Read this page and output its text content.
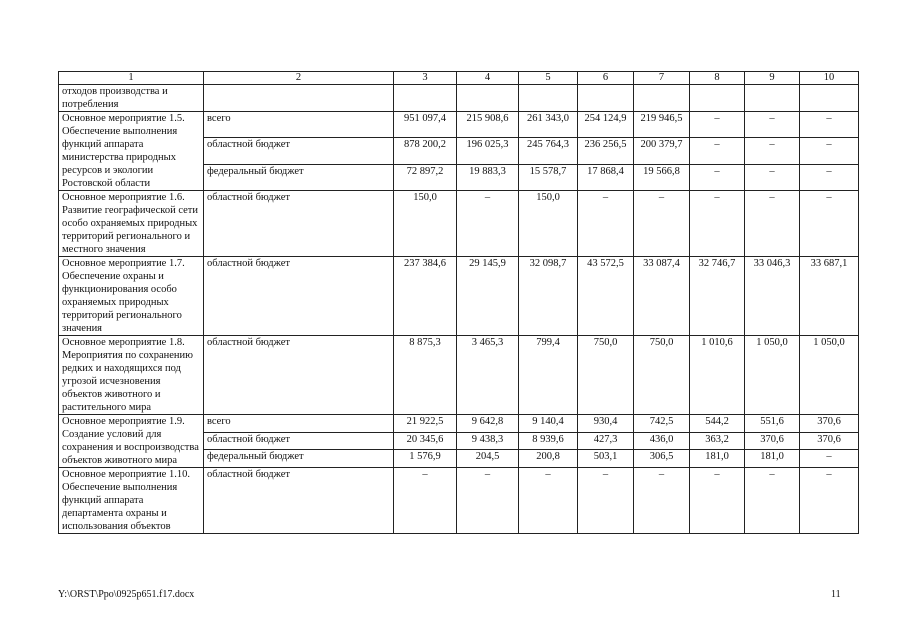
1	2	3	4	5	6	7	8	9	10
отходов производства и потребления									
Основное мероприятие 1.5. Обеспечение выполнения функций аппарата министерства природных ресурсов и экологии Ростовской области	всего	951 097,4	215 908,6	261 343,0	254 124,9	219 946,5	–	–	–
	областной бюджет	878 200,2	196 025,3	245 764,3	236 256,5	200 379,7	–	–	–
	федеральный бюджет	72 897,2	19 883,3	15 578,7	17 868,4	19 566,8	–	–	–
Основное мероприятие 1.6. Развитие географической сети особо охраняемых природных территорий регионального и местного значения	областной бюджет	150,0	–	150,0	–	–	–	–	–
Основное мероприятие 1.7. Обеспечение охраны и функционирования особо охраняемых природных территорий регионального значения	областной бюджет	237 384,6	29 145,9	32 098,7	43 572,5	33 087,4	32 746,7	33 046,3	33 687,1
Основное мероприятие 1.8. Мероприятия по сохранению редких и находящихся под угрозой исчезновения объектов животного и растительного мира	областной бюджет	8 875,3	3 465,3	799,4	750,0	750,0	1 010,6	1 050,0	1 050,0
Основное мероприятие 1.9. Создание условий для сохранения и воспроизводства объектов животного мира	всего	21 922,5	9 642,8	9 140,4	930,4	742,5	544,2	551,6	370,6
	областной бюджет	20 345,6	9 438,3	8 939,6	427,3	436,0	363,2	370,6	370,6
	федеральный бюджет	1 576,9	204,5	200,8	503,1	306,5	181,0	181,0	–
Основное мероприятие 1.10. Обеспечение выполнения функций аппарата департамента охраны и использования объектов	областной бюджет	–	–	–	–	–	–	–	–
Y:\ORST\Ppo\0925p651.f17.docx	11
